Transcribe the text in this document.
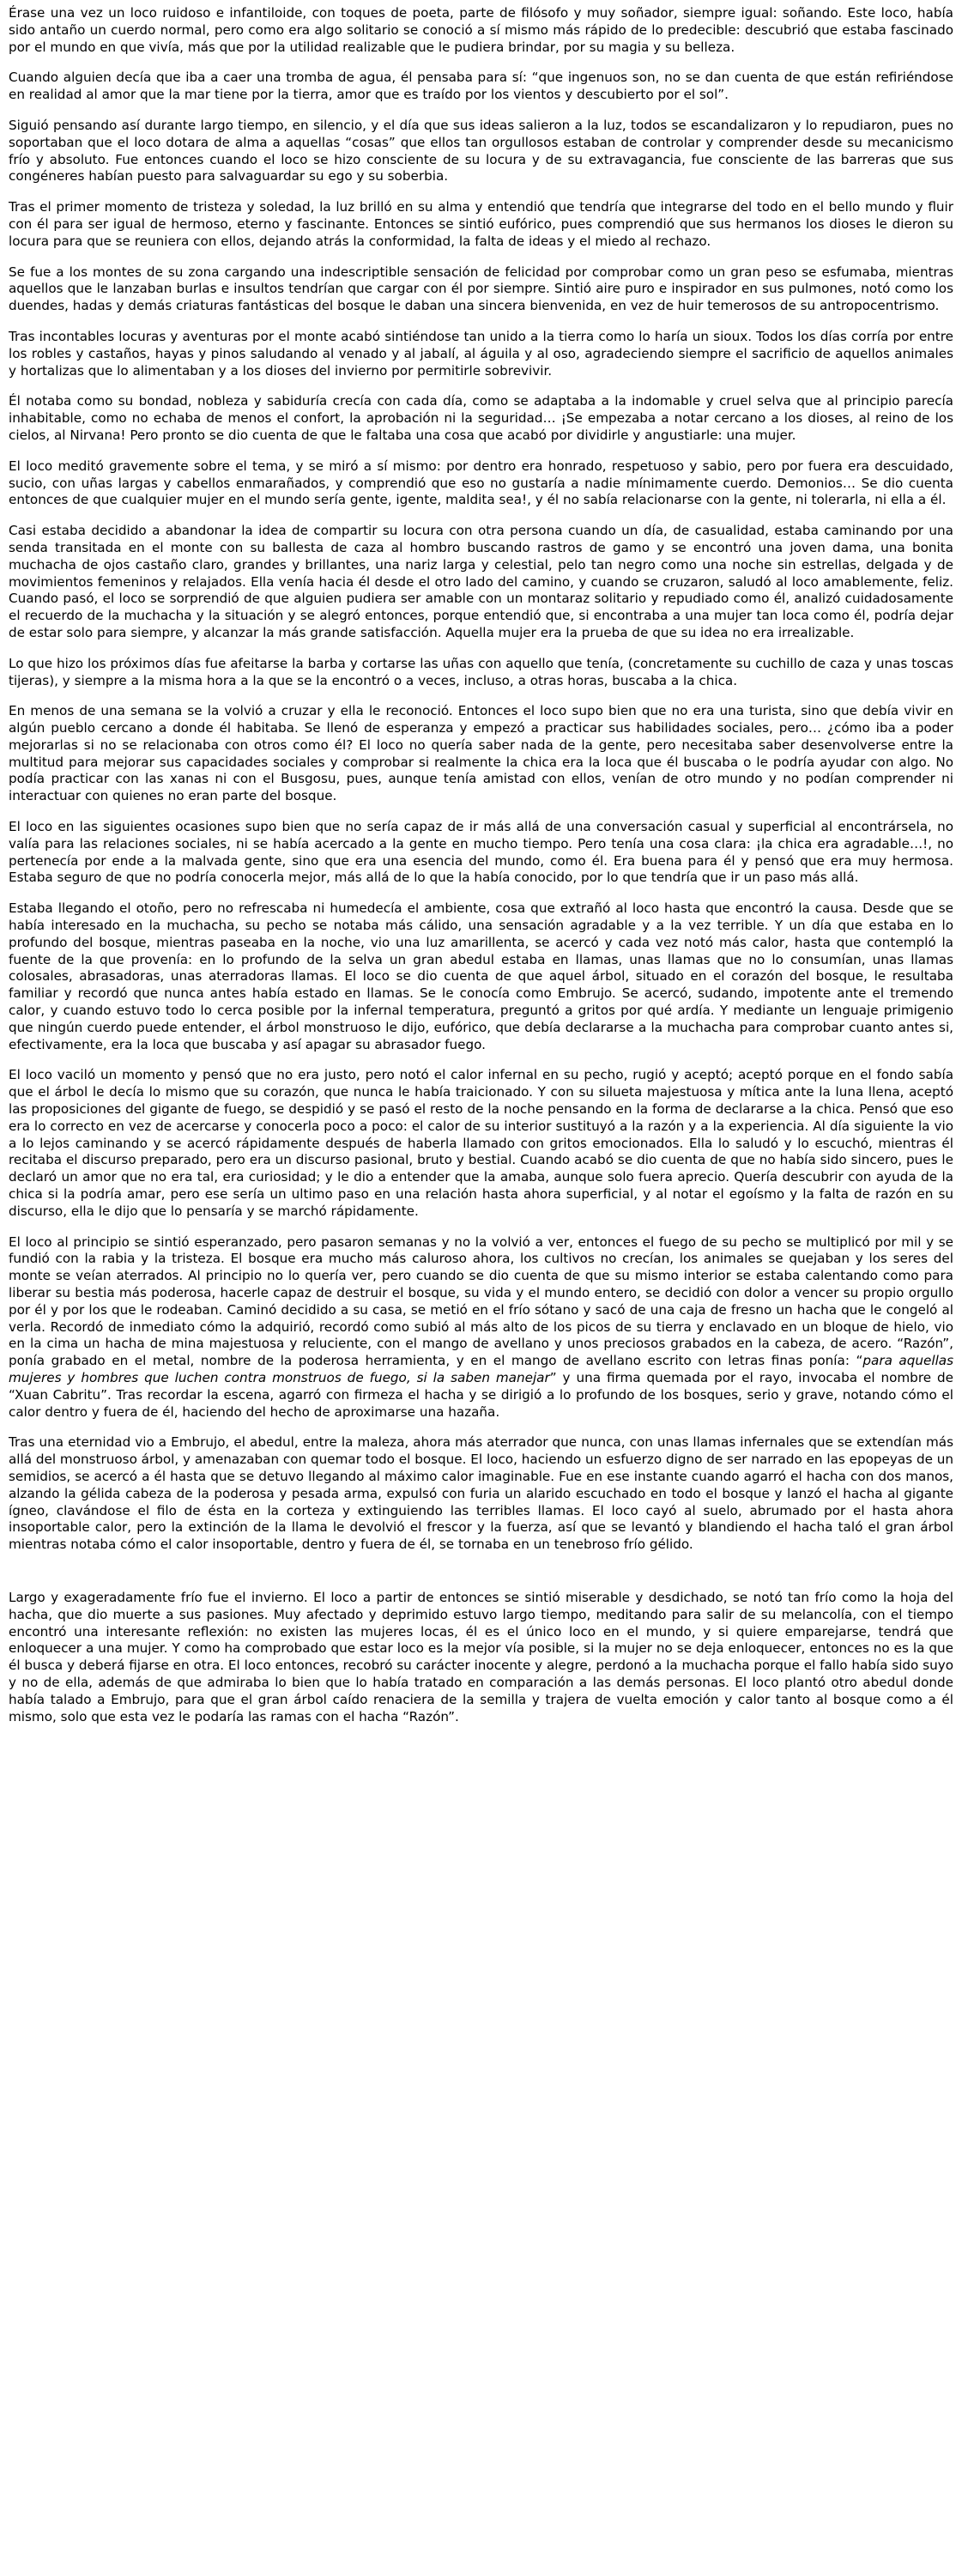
Érase una vez un loco ruidoso e infantiloide, con toques de poeta, parte de filósofo y muy soñador, siempre igual: soñando. Este loco, había sido antaño un cuerdo normal, pero como era algo solitario se conoció a sí mismo más rápido de lo predecible: descubrió que estaba fascinado por el mundo en que vivía, más que por la utilidad realizable que le pudiera brindar, por su magia y su belleza.

Cuando alguien decía que iba a caer una tromba de agua, él pensaba para sí: “que ingenuos son, no se dan cuenta de que están refiriéndose en realidad al amor que la mar tiene por la tierra, amor que es traído por los vientos y descubierto por el sol”.

Siguió pensando así durante largo tiempo, en silencio, y el día que sus ideas salieron a la luz, todos se escandalizaron y lo repudiaron, pues no soportaban que el loco dotara de alma a aquellas “cosas” que ellos tan orgullosos estaban de controlar y comprender desde su mecanicismo frío y absoluto. Fue entonces cuando el loco se hizo consciente de su locura y de su extravagancia, fue consciente de las barreras que sus congéneres habían puesto para salvaguardar su ego y su soberbia.

Tras el primer momento de tristeza y soledad, la luz brilló en su alma y entendió que tendría que integrarse del todo en el bello mundo y fluir con él para ser igual de hermoso, eterno y fascinante. Entonces se sintió eufórico, pues comprendió que sus hermanos los dioses le dieron su locura para que se reuniera con ellos, dejando atrás la conformidad, la falta de ideas y el miedo al rechazo.

Se fue a los montes de su zona cargando una indescriptible sensación de felicidad por comprobar como un gran peso se esfumaba, mientras aquellos que le lanzaban burlas e insultos tendrían que cargar con él por siempre. Sintió aire puro e inspirador en sus pulmones, notó como los duendes, hadas y demás criaturas fantásticas del bosque le daban una sincera bienvenida, en vez de huir temerosos de su antropocentrismo.

Tras incontables locuras y aventuras por el monte acabó sintiéndose tan unido a la tierra como lo haría un sioux. Todos los días corría por entre los robles y castaños, hayas y pinos saludando al venado y al jabalí, al águila y al oso, agradeciendo siempre el sacrificio de aquellos animales y hortalizas que lo alimentaban y a los dioses del invierno por permitirle sobrevivir.

Él notaba como su bondad, nobleza y sabiduría crecía con cada día, como se adaptaba a la indomable y cruel selva que al principio parecía inhabitable, como no echaba de menos el confort, la aprobación ni la seguridad… ¡Se empezaba a notar cercano a los dioses, al reino de los cielos, al Nirvana! Pero pronto se dio cuenta de que le faltaba una cosa que acabó por dividirle y angustiarle: una mujer.

El loco meditó gravemente sobre el tema, y se miró a sí mismo: por dentro era honrado, respetuoso y sabio, pero por fuera era descuidado, sucio, con uñas largas y cabellos enmarañados, y comprendió que eso no gustaría a nadie mínimamente cuerdo. Demonios… Se dio cuenta entonces de que cualquier mujer en el mundo sería gente, igente, maldita sea!, y él no sabía relacionarse con la gente, ni tolerarla, ni ella a él.

Casi estaba decidido a abandonar la idea de compartir su locura con otra persona cuando un día, de casualidad, estaba caminando por una senda transitada en el monte con su ballesta de caza al hombro buscando rastros de gamo y se encontró una joven dama, una bonita muchacha de ojos castaño claro, grandes y brillantes, una nariz larga y celestial, pelo tan negro como una noche sin estrellas, delgada y de movimientos femeninos y relajados. Ella venía hacia él desde el otro lado del camino, y cuando se cruzaron, saludó al loco amablemente, feliz. Cuando pasó, el loco se sorprendió de que alguien pudiera ser amable con un montaraz solitario y repudiado como él, analizó cuidadosamente el recuerdo de la muchacha y la situación y se alegró entonces, porque entendió que, si encontraba a una mujer tan loca como él, podría dejar de estar solo para siempre, y alcanzar la más grande satisfacción. Aquella mujer era la prueba de que su idea no era irrealizable.

Lo que hizo los próximos días fue afeitarse la barba y cortarse las uñas con aquello que tenía, (concretamente su cuchillo de caza y unas toscas tijeras), y siempre a la misma hora a la que se la encontró o a veces, incluso, a otras horas, buscaba a la chica.

En menos de una semana se la volvió a cruzar y ella le reconoció. Entonces el loco supo bien que no era una turista, sino que debía vivir en algún pueblo cercano a donde él habitaba. Se llenó de esperanza y empezó a practicar sus habilidades sociales, pero… ¿cómo iba a poder mejorarlas si no se relacionaba con otros como él? El loco no quería saber nada de la gente, pero necesitaba saber desenvolverse entre la multitud para mejorar sus capacidades sociales y comprobar si realmente la chica era la loca que él buscaba o le podría ayudar con algo. No podía practicar con las xanas ni con el Busgosu, pues, aunque tenía amistad con ellos, venían de otro mundo y no podían comprender ni interactuar con quienes no eran parte del bosque.

El loco en las siguientes ocasiones supo bien que no sería capaz de ir más allá de una conversación casual y superficial al encontrársela, no valía para las relaciones sociales, ni se había acercado a la gente en mucho tiempo. Pero tenía una cosa clara: ¡la chica era agradable…!, no pertenecía por ende a la malvada gente, sino que era una esencia del mundo, como él. Era buena para él y pensó que era muy hermosa. Estaba seguro de que no podría conocerla mejor, más allá de lo que la había conocido, por lo que tendría que ir un paso más allá.

Estaba llegando el otoño, pero no refrescaba ni humedecía el ambiente, cosa que extrañó al loco hasta que encontró la causa. Desde que se había interesado en la muchacha, su pecho se notaba más cálido, una sensación agradable y a la vez terrible. Y un día que estaba en lo profundo del bosque, mientras paseaba en la noche, vio una luz amarillenta, se acercó y cada vez notó más calor, hasta que contempló la fuente de la que provenía: en lo profundo de la selva un gran abedul estaba en llamas, unas llamas que no lo consumían, unas llamas colosales, abrasadoras, unas aterradoras llamas. El loco se dio cuenta de que aquel árbol, situado en el corazón del bosque, le resultaba familiar y recordó que nunca antes había estado en llamas. Se le conocía como Embrujo. Se acercó, sudando, impotente ante el tremendo calor, y cuando estuvo todo lo cerca posible por la infernal temperatura, preguntó a gritos por qué ardía. Y mediante un lenguaje primigenio que ningún cuerdo puede entender, el árbol monstruoso le dijo, eufórico, que debía declararse a la muchacha para comprobar cuanto antes si, efectivamente, era la loca que buscaba y así apagar su abrasador fuego.

El loco vaciló un momento y pensó que no era justo, pero notó el calor infernal en su pecho, rugió y aceptó; aceptó porque en el fondo sabía que el árbol le decía lo mismo que su corazón, que nunca le había traicionado. Y con su silueta majestuosa y mítica ante la luna llena, aceptó las proposiciones del gigante de fuego, se despidió y se pasó el resto de la noche pensando en la forma de declararse a la chica. Pensó que eso era lo correcto en vez de acercarse y conocerla poco a poco: el calor de su interior sustituyó a la razón y a la experiencia. Al día siguiente la vio a lo lejos caminando y se acercó rápidamente después de haberla llamado con gritos emocionados. Ella lo saludó y lo escuchó, mientras él recitaba el discurso preparado, pero era un discurso pasional, bruto y bestial. Cuando acabó se dio cuenta de que no había sido sincero, pues le declaró un amor que no era tal, era curiosidad; y le dio a entender que la amaba, aunque solo fuera aprecio. Quería descubrir con ayuda de la chica si la podría amar, pero ese sería un ultimo paso en una relación hasta ahora superficial, y al notar el egoísmo y la falta de razón en su discurso, ella le dijo que lo pensaría y se marchó rápidamente.

El loco al principio se sintió esperanzado, pero pasaron semanas y no la volvió a ver, entonces el fuego de su pecho se multiplicó por mil y se fundió con la rabia y la tristeza. El bosque era mucho más caluroso ahora, los cultivos no crecían, los animales se quejaban y los seres del monte se veían aterrados. Al principio no lo quería ver, pero cuando se dio cuenta de que su mismo interior se estaba calentando como para liberar su bestia más poderosa, hacerle capaz de destruir el bosque, su vida y el mundo entero, se decidió con dolor a vencer su propio orgullo por él y por los que le rodeaban. Caminó decidido a su casa, se metió en el frío sótano y sacó de una caja de fresno un hacha que le congeló al verla. Recordó de inmediato cómo la adquirió, recordó como subió al más alto de los picos de su tierra y enclavado en un bloque de hielo, vio en la cima un hacha de mina majestuosa y reluciente, con el mango de avellano y unos preciosos grabados en la cabeza, de acero. “Razón”, ponía grabado en el metal, nombre de la poderosa herramienta, y en el mango de avellano escrito con letras finas ponía: “para aquellas mujeres y hombres que luchen contra monstruos de fuego, si la saben manejar” y una firma quemada por el rayo, invocaba el nombre de “Xuan Cabritu”. Tras recordar la escena, agarró con firmeza el hacha y se dirigió a lo profundo de los bosques, serio y grave, notando cómo el calor dentro y fuera de él, haciendo del hecho de aproximarse una hazaña.

Tras una eternidad vio a Embrujo, el abedul, entre la maleza, ahora más aterrador que nunca, con unas llamas infernales que se extendían más allá del monstruoso árbol, y amenazaban con quemar todo el bosque. El loco, haciendo un esfuerzo digno de ser narrado en las epopeyas de un semidios, se acercó a él hasta que se detuvo llegando al máximo calor imaginable. Fue en ese instante cuando agarró el hacha con dos manos, alzando la gélida cabeza de la poderosa y pesada arma, expulsó con furia un alarido escuchado en todo el bosque y lanzó el hacha al gigante ígneo, clavándose el filo de ésta en la corteza y extinguiendo las terribles llamas. El loco cayó al suelo, abrumado por el hasta ahora insoportable calor, pero la extinción de la llama le devolvió el frescor y la fuerza, así que se levantó y blandiendo el hacha taló el gran árbol mientras notaba cómo el calor insoportable, dentro y fuera de él, se tornaba en un tenebroso frío gélido.

Largo y exageradamente frío fue el invierno. El loco a partir de entonces se sintió miserable y desdichado, se notó tan frío como la hoja del hacha, que dio muerte a sus pasiones. Muy afectado y deprimido estuvo largo tiempo, meditando para salir de su melancolía, con el tiempo encontró una interesante reflexión: no existen las mujeres locas, él es el único loco en el mundo, y si quiere emparejarse, tendrá que enloquecer a una mujer. Y como ha comprobado que estar loco es la mejor vía posible, si la mujer no se deja enloquecer, entonces no es la que él busca y deberá fijarse en otra. El loco entonces, recobró su carácter inocente y alegre, perdonó a la muchacha porque el fallo había sido suyo y no de ella, además de que admiraba lo bien que lo había tratado en comparación a las demás personas. El loco plantó otro abedul donde había talado a Embrujo, para que el gran árbol caído renaciera de la semilla y trajera de vuelta emoción y calor tanto al bosque como a él mismo, solo que esta vez le podaría las ramas con el hacha “Razón”.
